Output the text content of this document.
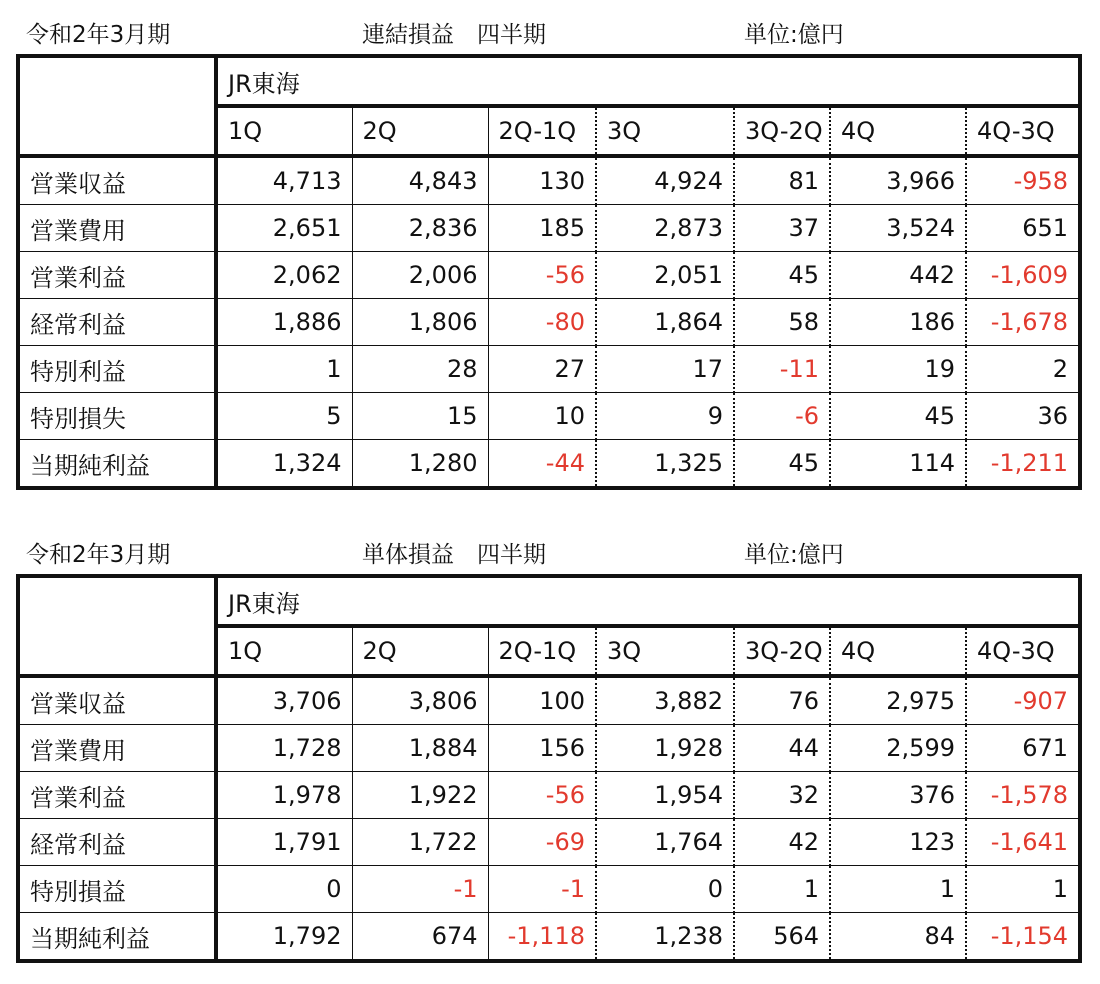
令和2年3月期	連結損益　四半期	単位:億円
	JR東海						
	1Q	2Q	2Q-1Q	3Q	3Q-2Q	4Q	4Q-3Q
営業収益	4,713	4,843	130	4,924	81	3,966	-958
営業費用	2,651	2,836	185	2,873	37	3,524	651
営業利益	2,062	2,006	-56	2,051	45	442	-1,609
経常利益	1,886	1,806	-80	1,864	58	186	-1,678
特別利益	1	28	27	17	-11	19	2
特別損失	5	15	10	9	-6	45	36
当期純利益	1,324	1,280	-44	1,325	45	114	-1,211
令和2年3月期	単体損益　四半期	単位:億円
	JR東海						
	1Q	2Q	2Q-1Q	3Q	3Q-2Q	4Q	4Q-3Q
営業収益	3,706	3,806	100	3,882	76	2,975	-907
営業費用	1,728	1,884	156	1,928	44	2,599	671
営業利益	1,978	1,922	-56	1,954	32	376	-1,578
経常利益	1,791	1,722	-69	1,764	42	123	-1,641
特別損益	0	-1	-1	0	1	1	1
当期純利益	1,792	674	-1,118	1,238	564	84	-1,154
